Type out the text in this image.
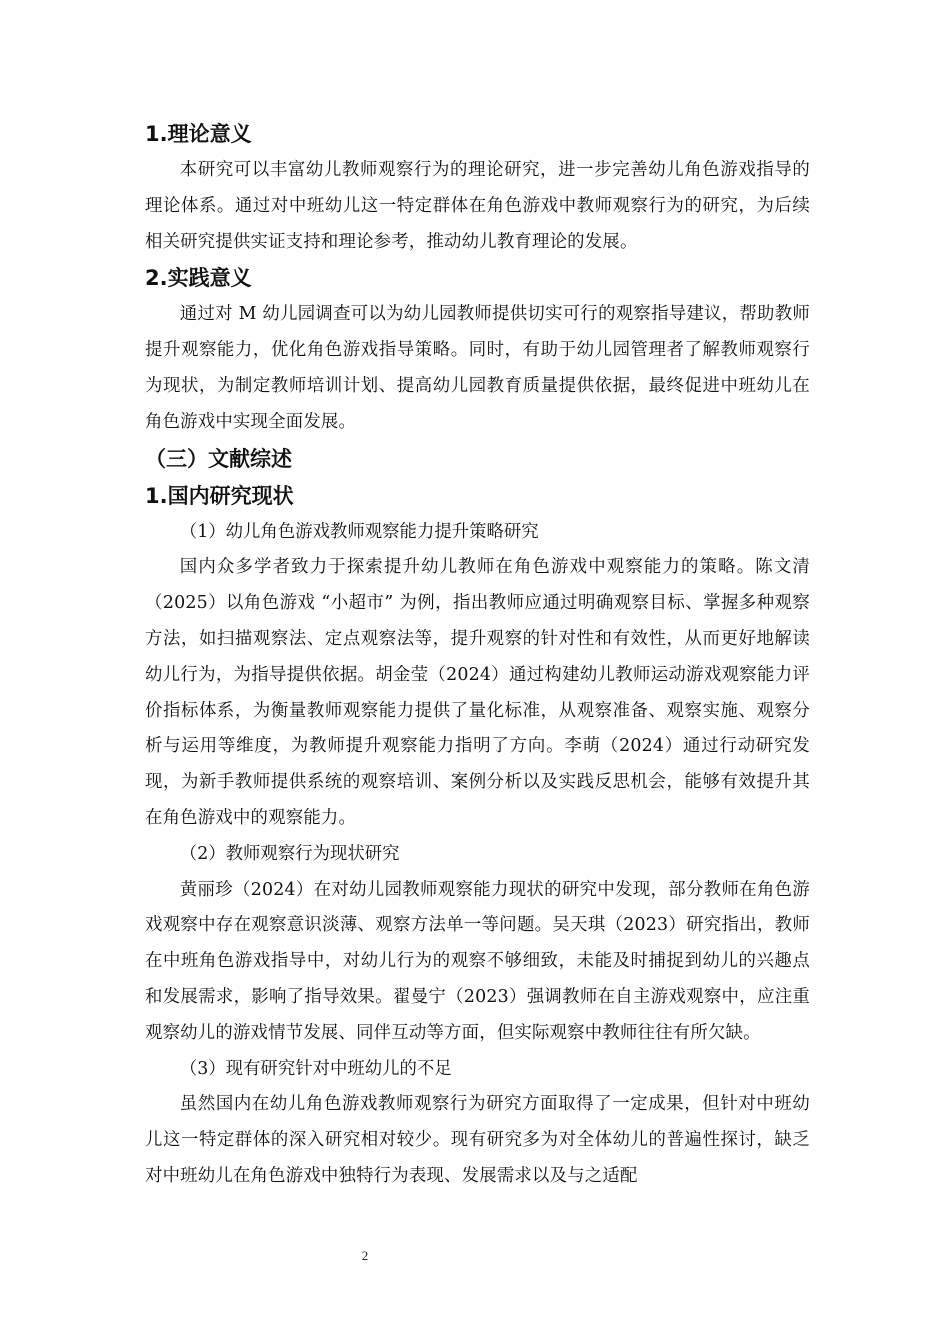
1.理论意义

本研究可以丰富幼儿教师观察行为的理论研究，进一步完善幼儿角色游戏指导的理论体系。通过对中班幼儿这一特定群体在角色游戏中教师观察行为的研究，为后续相关研究提供实证支持和理论参考，推动幼儿教育理论的发展。

2.实践意义

通过对 M 幼儿园调查可以为幼儿园教师提供切实可行的观察指导建议，帮助教师提升观察能力，优化角色游戏指导策略。同时，有助于幼儿园管理者了解教师观察行为现状，为制定教师培训计划、提高幼儿园教育质量提供依据，最终促进中班幼儿在角色游戏中实现全面发展。

（三）文献综述
1.国内研究现状
（1）幼儿角色游戏教师观察能力提升策略研究

国内众多学者致力于探索提升幼儿教师在角色游戏中观察能力的策略。陈文清（2025）以角色游戏 “小超市” 为例，指出教师应通过明确观察目标、掌握多种观察方法，如扫描观察法、定点观察法等，提升观察的针对性和有效性，从而更好地解读幼儿行为，为指导提供依据。胡金莹（2024）通过构建幼儿教师运动游戏观察能力评价指标体系，为衡量教师观察能力提供了量化标准，从观察准备、观察实施、观察分析与运用等维度，为教师提升观察能力指明了方向。李萌（2024）通过行动研究发现，为新手教师提供系统的观察培训、案例分析以及实践反思机会，能够有效提升其在角色游戏中的观察能力。

（2）教师观察行为现状研究

黄丽珍（2024）在对幼儿园教师观察能力现状的研究中发现，部分教师在角色游戏观察中存在观察意识淡薄、观察方法单一等问题。吴天琪（2023）研究指出，教师在中班角色游戏指导中，对幼儿行为的观察不够细致，未能及时捕捉到幼儿的兴趣点和发展需求，影响了指导效果。翟曼宁（2023）强调教师在自主游戏观察中，应注重观察幼儿的游戏情节发展、同伴互动等方面，但实际观察中教师往往有所欠缺。

（3）现有研究针对中班幼儿的不足

虽然国内在幼儿角色游戏教师观察行为研究方面取得了一定成果，但针对中班幼儿这一特定群体的深入研究相对较少。现有研究多为对全体幼儿的普遍性探讨，缺乏对中班幼儿在角色游戏中独特行为表现、发展需求以及与之适配

2
